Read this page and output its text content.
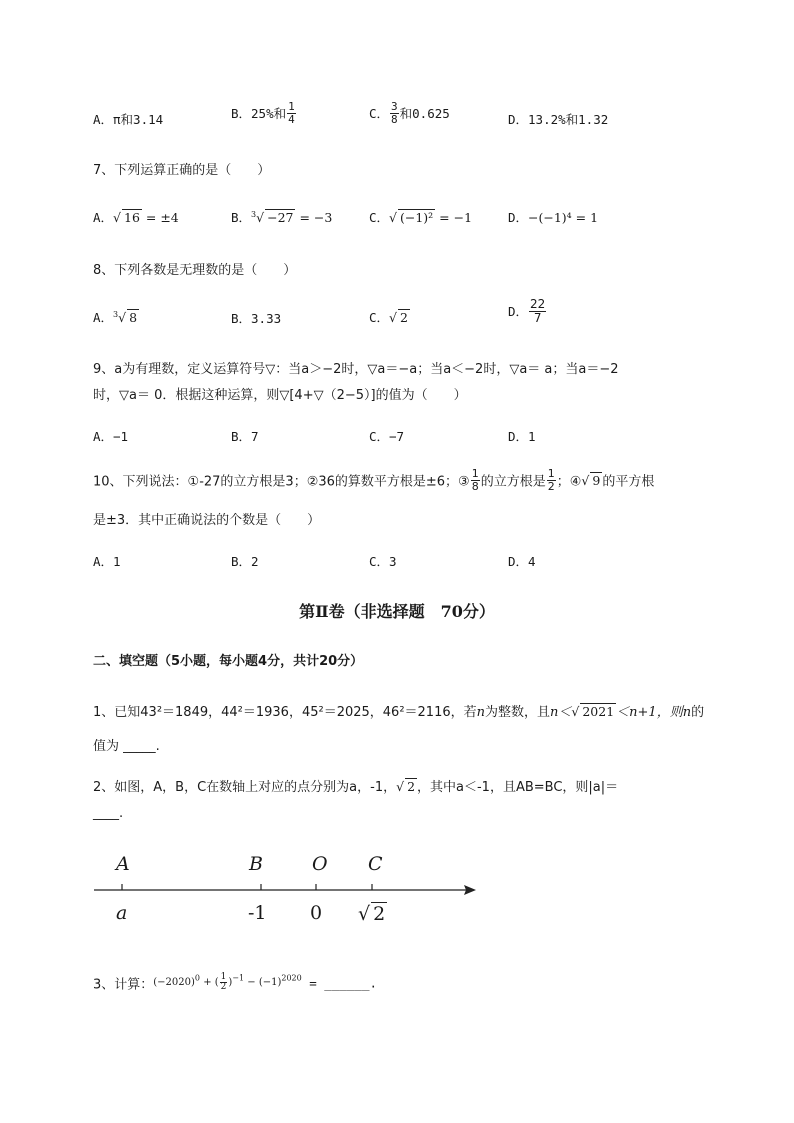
A．π和3.14	B．25%和 $\frac{1}{4}$	C． $\frac{3}{8}$ 和0.625	D．13.2%和1.32
7、下列运算正确的是（　　）
A．√ 16 = ±4	B．$^3$√ −27 = −3	C．√ (−1)² = −1	D．−(−1)⁴ = 1
8、下列各数是无理数的是（　　）
A．$^3$√ 8	B．3.33	C．√ 2	D． $\frac{22}{7}$
9、a为有理数，定义运算符号▽：当a＞−2时，▽a＝−a；当a＜−2时，▽a＝ a；当a＝−2
时，▽a＝ 0．根据这种运算，则▽[4+▽（2−5）]的值为（　　）
A．−1	B．7	C．−7	D．1
10、下列说法：①-27的立方根是3；②36的算数平方根是±6；③ $\frac{1}{8}$ 的立方根是 $\frac{1}{2}$ ；④√ 9 的平方根
是±3．其中正确说法的个数是（　　）
A．1	B．2	C．3	D．4
第Ⅱ卷（非选择题　70分）
二、填空题（5小题，每小题4分，共计20分）
1、已知43²＝1849，44²＝1936，45²＝2025，46²＝2116，若n为整数，且n＜√ 2021 ＜n+1，则n的
值为 _____.
2、如图，A，B，C在数轴上对应的点分别为a，-1，√ 2 ，其中a＜-1，且AB=BC，则|a|＝
____.
A	B	O C
a	-1 0 √ 2
3、计算：$(-2020)^0$ + ( $\frac{1}{2} )^{-1} - (-1)^{2020}$ = ______.
